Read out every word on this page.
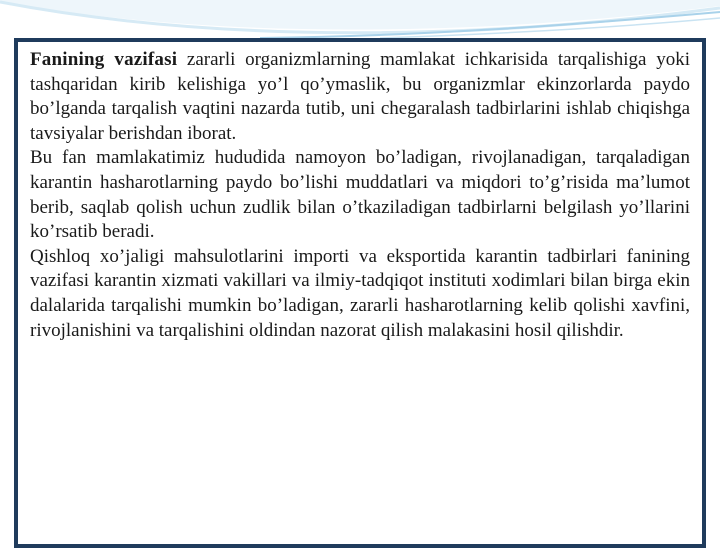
Fanining vazifasi zararli organizmlarning mamlakat ichkarisida tarqalishiga yoki tashqaridan kirib kelishiga yo’l qo’ymaslik, bu organizmlar ekinzorlarda paydo bo’lganda tarqalish vaqtini nazarda tutib, uni chegaralash tadbirlarini ishlab chiqishga tavsiyalar berishdan iborat.

Bu fan mamlakatimiz hududida namoyon bo’ladigan, rivojlanadigan, tarqaladigan karantin hasharotlarning paydo bo’lishi muddatlari va miqdori to’g’risida ma’lumot berib, saqlab qolish uchun zudlik bilan o’tkaziladigan tadbirlarni belgilash yo’llarini ko’rsatib beradi.

Qishloq xo’jaligi mahsulotlarini importi va eksportida karantin tadbirlari fanining vazifasi karantin xizmati vakillari va ilmiy-tadqiqot instituti xodimlari bilan birga ekin dalalarida tarqalishi mumkin bo’ladigan, zararli hasharotlarning kelib qolishi xavfini, rivojlanishini va tarqalishini oldindan nazorat qilish malakasini hosil qilishdir.
